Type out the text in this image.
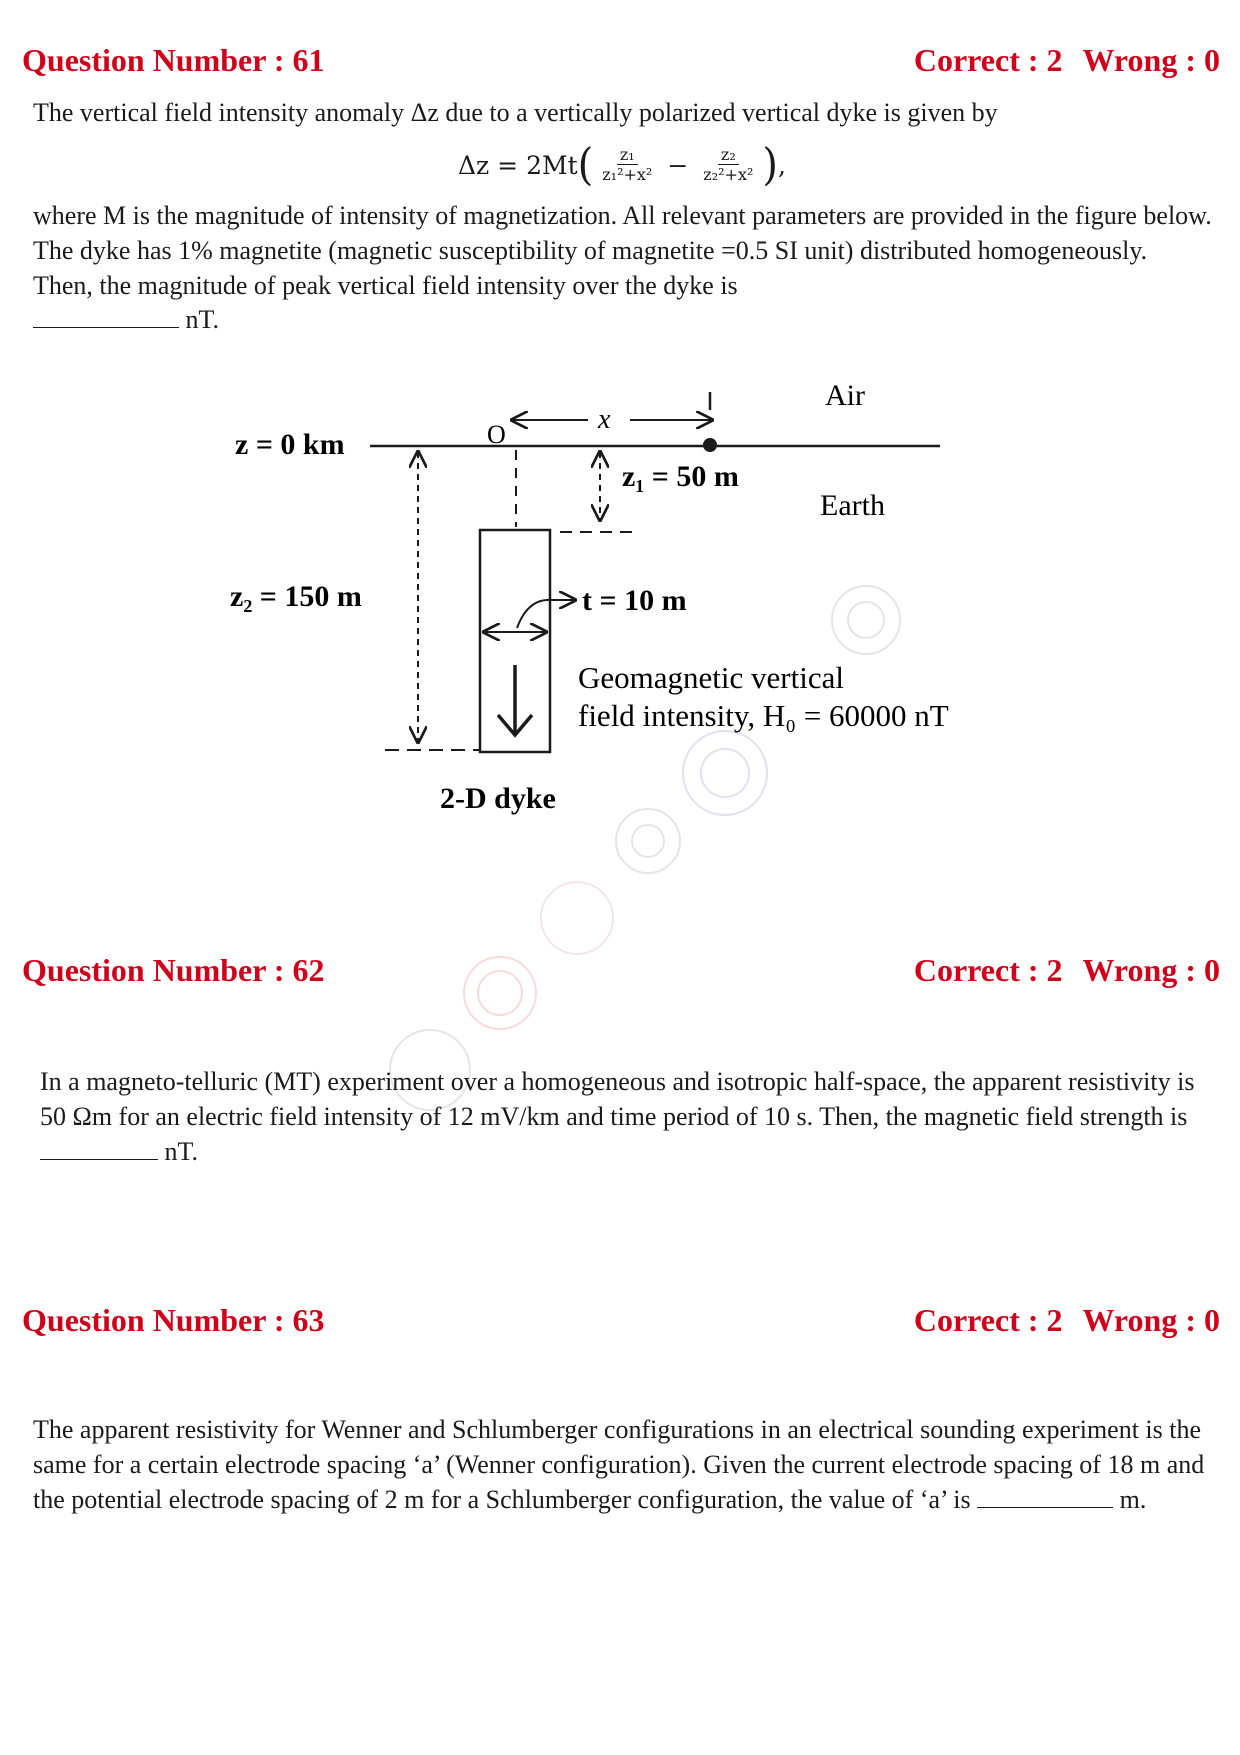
Question Number : 61	Correct : 2 Wrong : 0
The vertical field intensity anomaly Δz due to a vertically polarized vertical dyke is given by
Δz = 2Mt ( $\frac{\text{z₁}}{\text{z₁²+x²}} - \frac{\text{z₂}}{\text{z₂²+x²}}$ ) ,
where M is the magnitude of intensity of magnetization. All relevant parameters are provided in the figure below. The dyke has 1% magnetite (magnetic susceptibility of magnetite =0.5 SI unit) distributed homogeneously. Then, the magnitude of peak vertical field intensity over the dyke is
nT.
z = 0 km
Air
Earth
O	x
z₁ = 50 m
z₂ = 150 m	t = 10 m
Geomagnetic vertical
field intensity, H₀ = 60000 nT
2-D dyke
Question Number : 62	Correct : 2 Wrong : 0
In a magneto-telluric (MT) experiment over a homogeneous and isotropic half-space, the apparent resistivity is 50 Ωm for an electric field intensity of 12 mV/km and time period of 10 s. Then, the magnetic field strength is nT.
Question Number : 63	Correct : 2 Wrong : 0
The apparent resistivity for Wenner and Schlumberger configurations in an electrical sounding experiment is the same for a certain electrode spacing ‘a’ (Wenner configuration). Given the current electrode spacing of 18 m and the potential electrode spacing of 2 m for a Schlumberger configuration, the value of ‘a’ is	m.
